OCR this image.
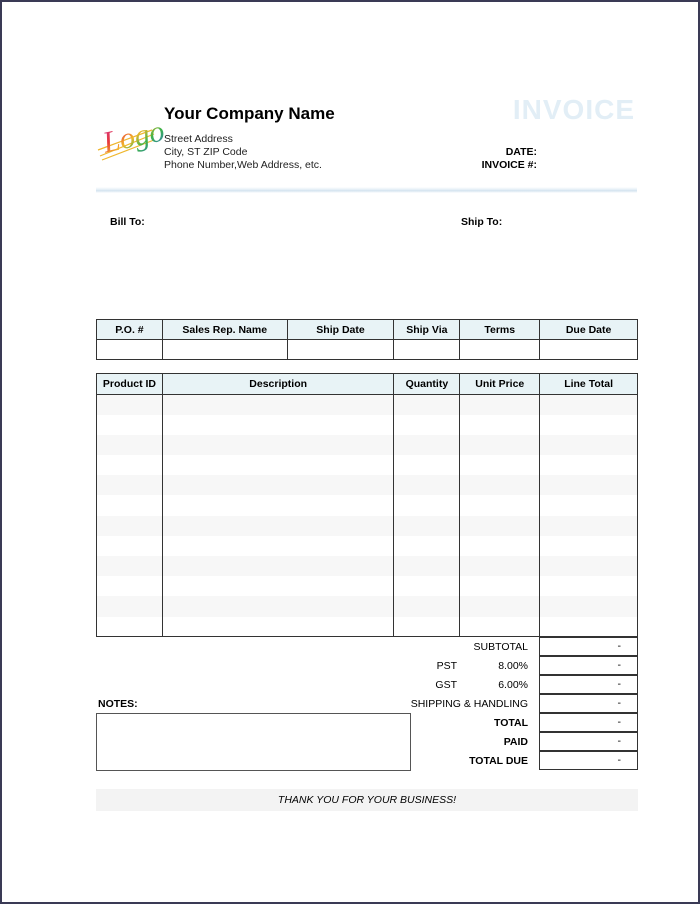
Logo
Your Company Name
Street Address
City, ST ZIP Code
Phone Number,Web Address, etc.
INVOICE
DATE:
INVOICE #:
Bill To:	Ship To:
P.O. #	Sales Rep. Name	Ship Date	Ship Via	Terms	Due Date

Product ID	Description	Quantity	Unit Price	Line Total

SUBTOTAL	-
PST	8.00%	-
GST	6.00%	-
SHIPPING & HANDLING	-
TOTAL	-
PAID	-
TOTAL DUE	-
NOTES:
THANK YOU FOR YOUR BUSINESS!
